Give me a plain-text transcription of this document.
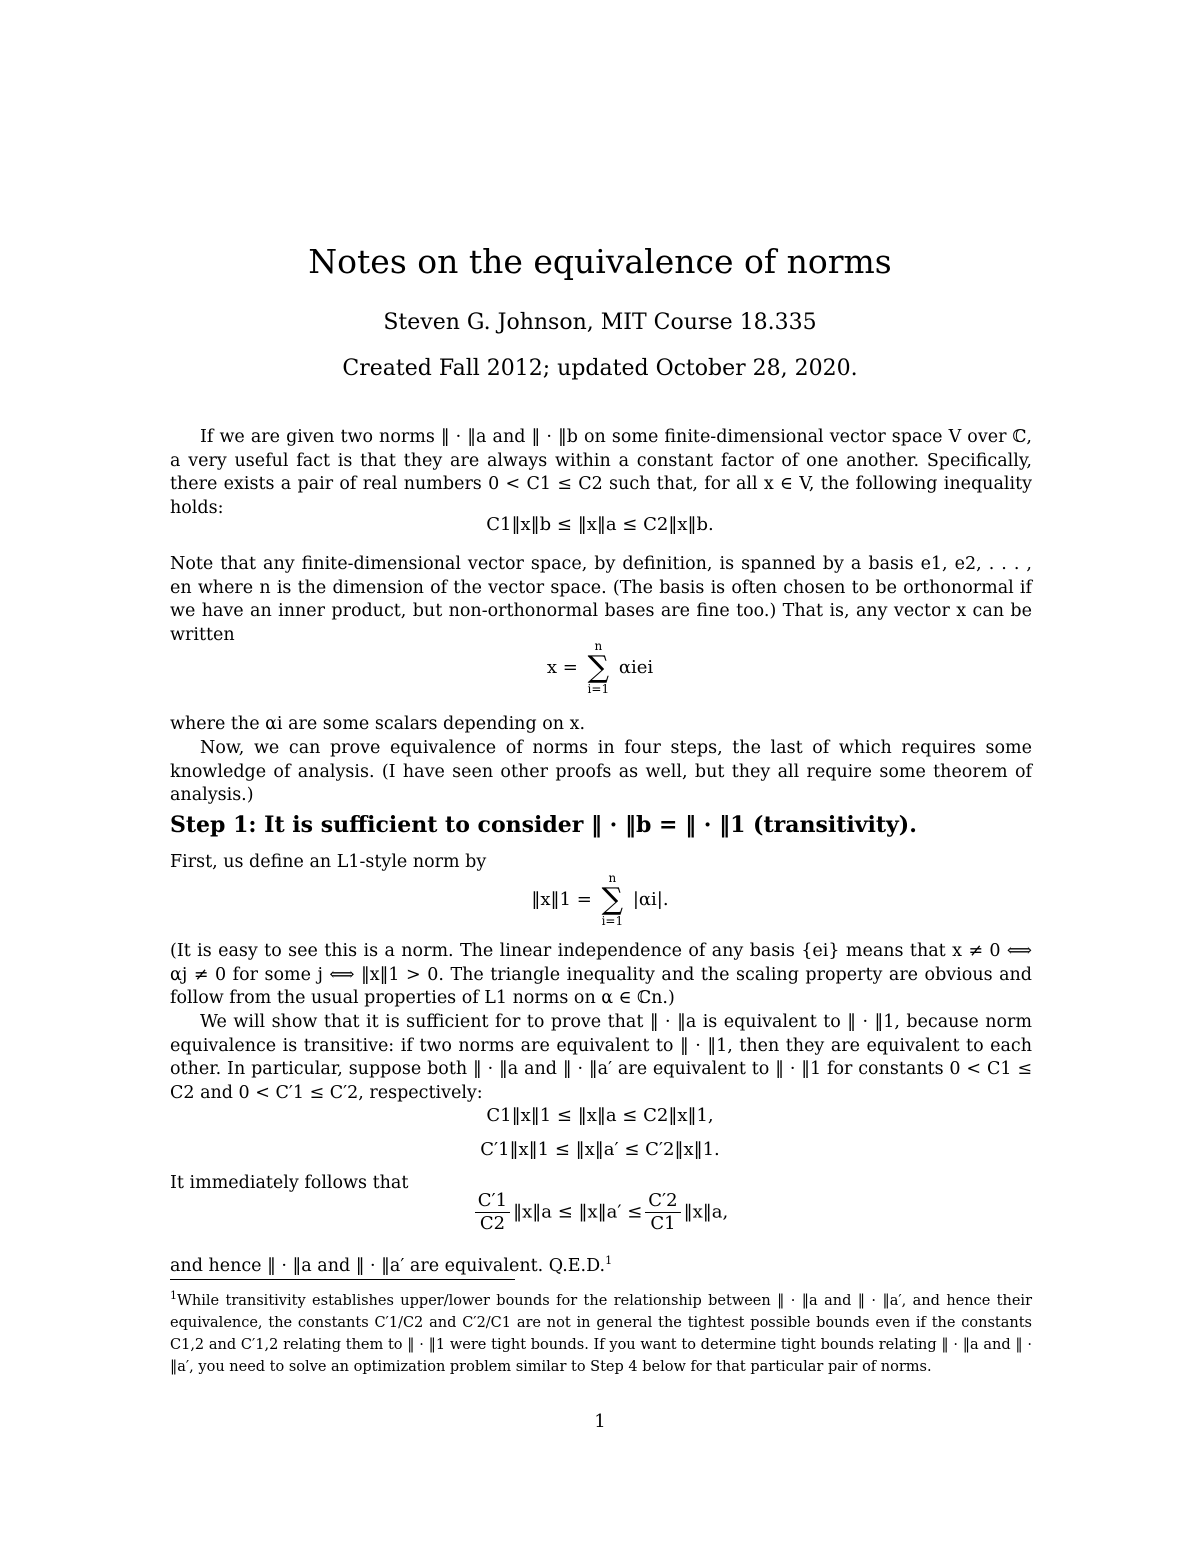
Notes on the equivalence of norms
Steven G. Johnson, MIT Course 18.335
Created Fall 2012; updated October 28, 2020.
If we are given two norms ‖ · ‖a and ‖ · ‖b on some finite-dimensional vector space V over ℂ, a very useful fact is that they are always within a constant factor of one another. Specifically, there exists a pair of real numbers 0 < C1 ≤ C2 such that, for all x ∈ V, the following inequality holds:
C1‖x‖b ≤ ‖x‖a ≤ C2‖x‖b.
Note that any finite-dimensional vector space, by definition, is spanned by a basis e1, e2, . . . , en where n is the dimension of the vector space. (The basis is often chosen to be orthonormal if we have an inner product, but non-orthonormal bases are fine too.) That is, any vector x can be written
x =
n
∑
i=1
αiei
where the αi are some scalars depending on x.
Now, we can prove equivalence of norms in four steps, the last of which requires some knowledge of analysis. (I have seen other proofs as well, but they all require some theorem of analysis.)
Step 1: It is sufficient to consider ‖ · ‖b = ‖ · ‖1 (transitivity).
First, us define an L1-style norm by
‖x‖1 =
n
∑
i=1
|αi|.
(It is easy to see this is a norm. The linear independence of any basis {ei} means that x ≠ 0 ⟺ αj ≠ 0 for some j ⟺ ‖x‖1 > 0. The triangle inequality and the scaling property are obvious and follow from the usual properties of L1 norms on α ∈ ℂn.)
We will show that it is sufficient for to prove that ‖ · ‖a is equivalent to ‖ · ‖1, because norm equivalence is transitive: if two norms are equivalent to ‖ · ‖1, then they are equivalent to each other. In particular, suppose both ‖ · ‖a and ‖ · ‖a′ are equivalent to ‖ · ‖1 for constants 0 < C1 ≤ C2 and 0 < C′1 ≤ C′2, respectively:
C1‖x‖1 ≤ ‖x‖a ≤ C2‖x‖1,
C′1‖x‖1 ≤ ‖x‖a′ ≤ C′2‖x‖1.
It immediately follows that
$\frac{C'1}{C2}$ ‖x‖a ≤ ‖x‖a′ ≤ $\frac{C'2}{C1}$ ‖x‖a,
and hence ‖ · ‖a and ‖ · ‖a′ are equivalent. Q.E.D.$^1$
$^1$While transitivity establishes upper/lower bounds for the relationship between ‖ · ‖a and ‖ · ‖a′, and hence their equivalence, the constants C′1/C2 and C′2/C1 are not in general the tightest possible bounds even if the constants C1,2 and C′1,2 relating them to ‖ · ‖1 were tight bounds. If you want to determine tight bounds relating ‖ · ‖a and ‖ · ‖a′, you need to solve an optimization problem similar to Step 4 below for that particular pair of norms.
1
